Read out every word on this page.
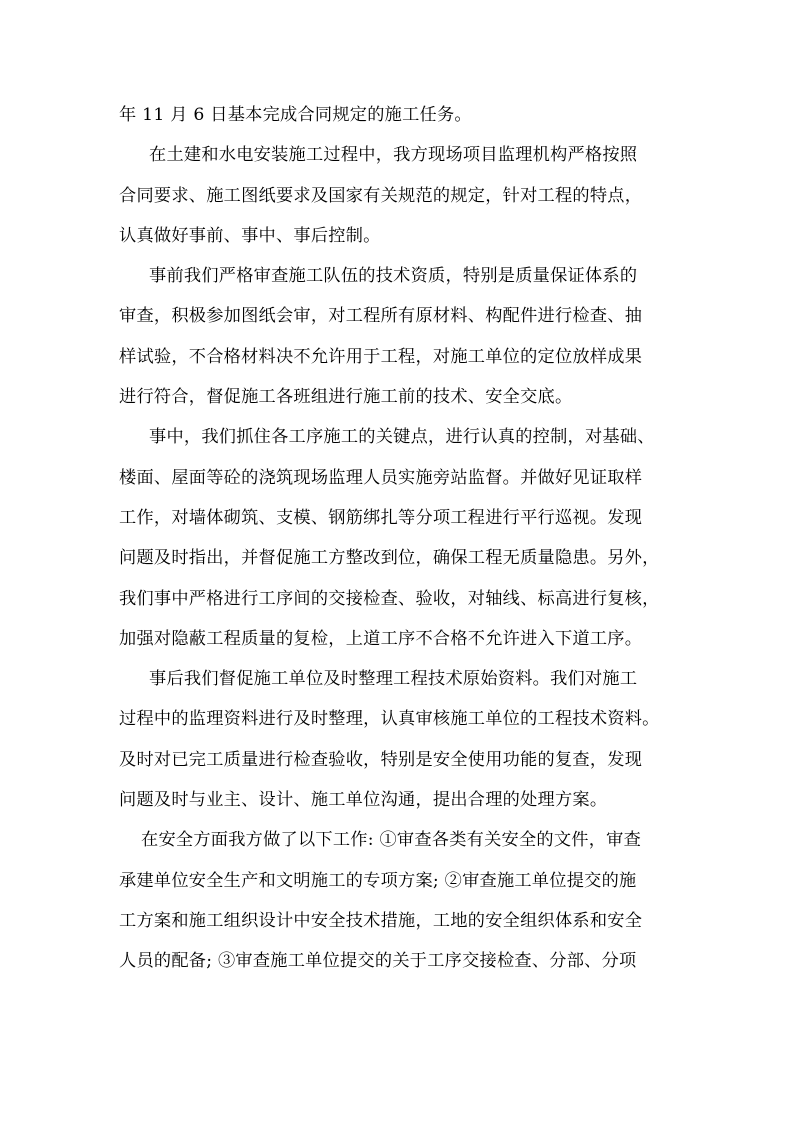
年 11 月 6 日基本完成合同规定的施工任务。
在土建和水电安装施工过程中，我方现场项目监理机构严格按照
合同要求、施工图纸要求及国家有关规范的规定，针对工程的特点，
认真做好事前、事中、事后控制。
事前我们严格审查施工队伍的技术资质，特别是质量保证体系的
审查，积极参加图纸会审，对工程所有原材料、构配件进行检查、抽
样试验，不合格材料决不允许用于工程，对施工单位的定位放样成果
进行符合，督促施工各班组进行施工前的技术、安全交底。
事中，我们抓住各工序施工的关键点，进行认真的控制，对基础、
楼面、屋面等砼的浇筑现场监理人员实施旁站监督。并做好见证取样
工作，对墙体砌筑、支模、钢筋绑扎等分项工程进行平行巡视。发现
问题及时指出，并督促施工方整改到位，确保工程无质量隐患。另外，
我们事中严格进行工序间的交接检查、验收，对轴线、标高进行复核，
加强对隐蔽工程质量的复检，上道工序不合格不允许进入下道工序。
事后我们督促施工单位及时整理工程技术原始资料。我们对施工
过程中的监理资料进行及时整理，认真审核施工单位的工程技术资料。
及时对已完工质量进行检查验收，特别是安全使用功能的复查，发现
问题及时与业主、设计、施工单位沟通，提出合理的处理方案。
在安全方面我方做了以下工作: ①审查各类有关安全的文件，审查
承建单位安全生产和文明施工的专项方案; ②审查施工单位提交的施
工方案和施工组织设计中安全技术措施，工地的安全组织体系和安全
人员的配备; ③审查施工单位提交的关于工序交接检查、分部、分项
